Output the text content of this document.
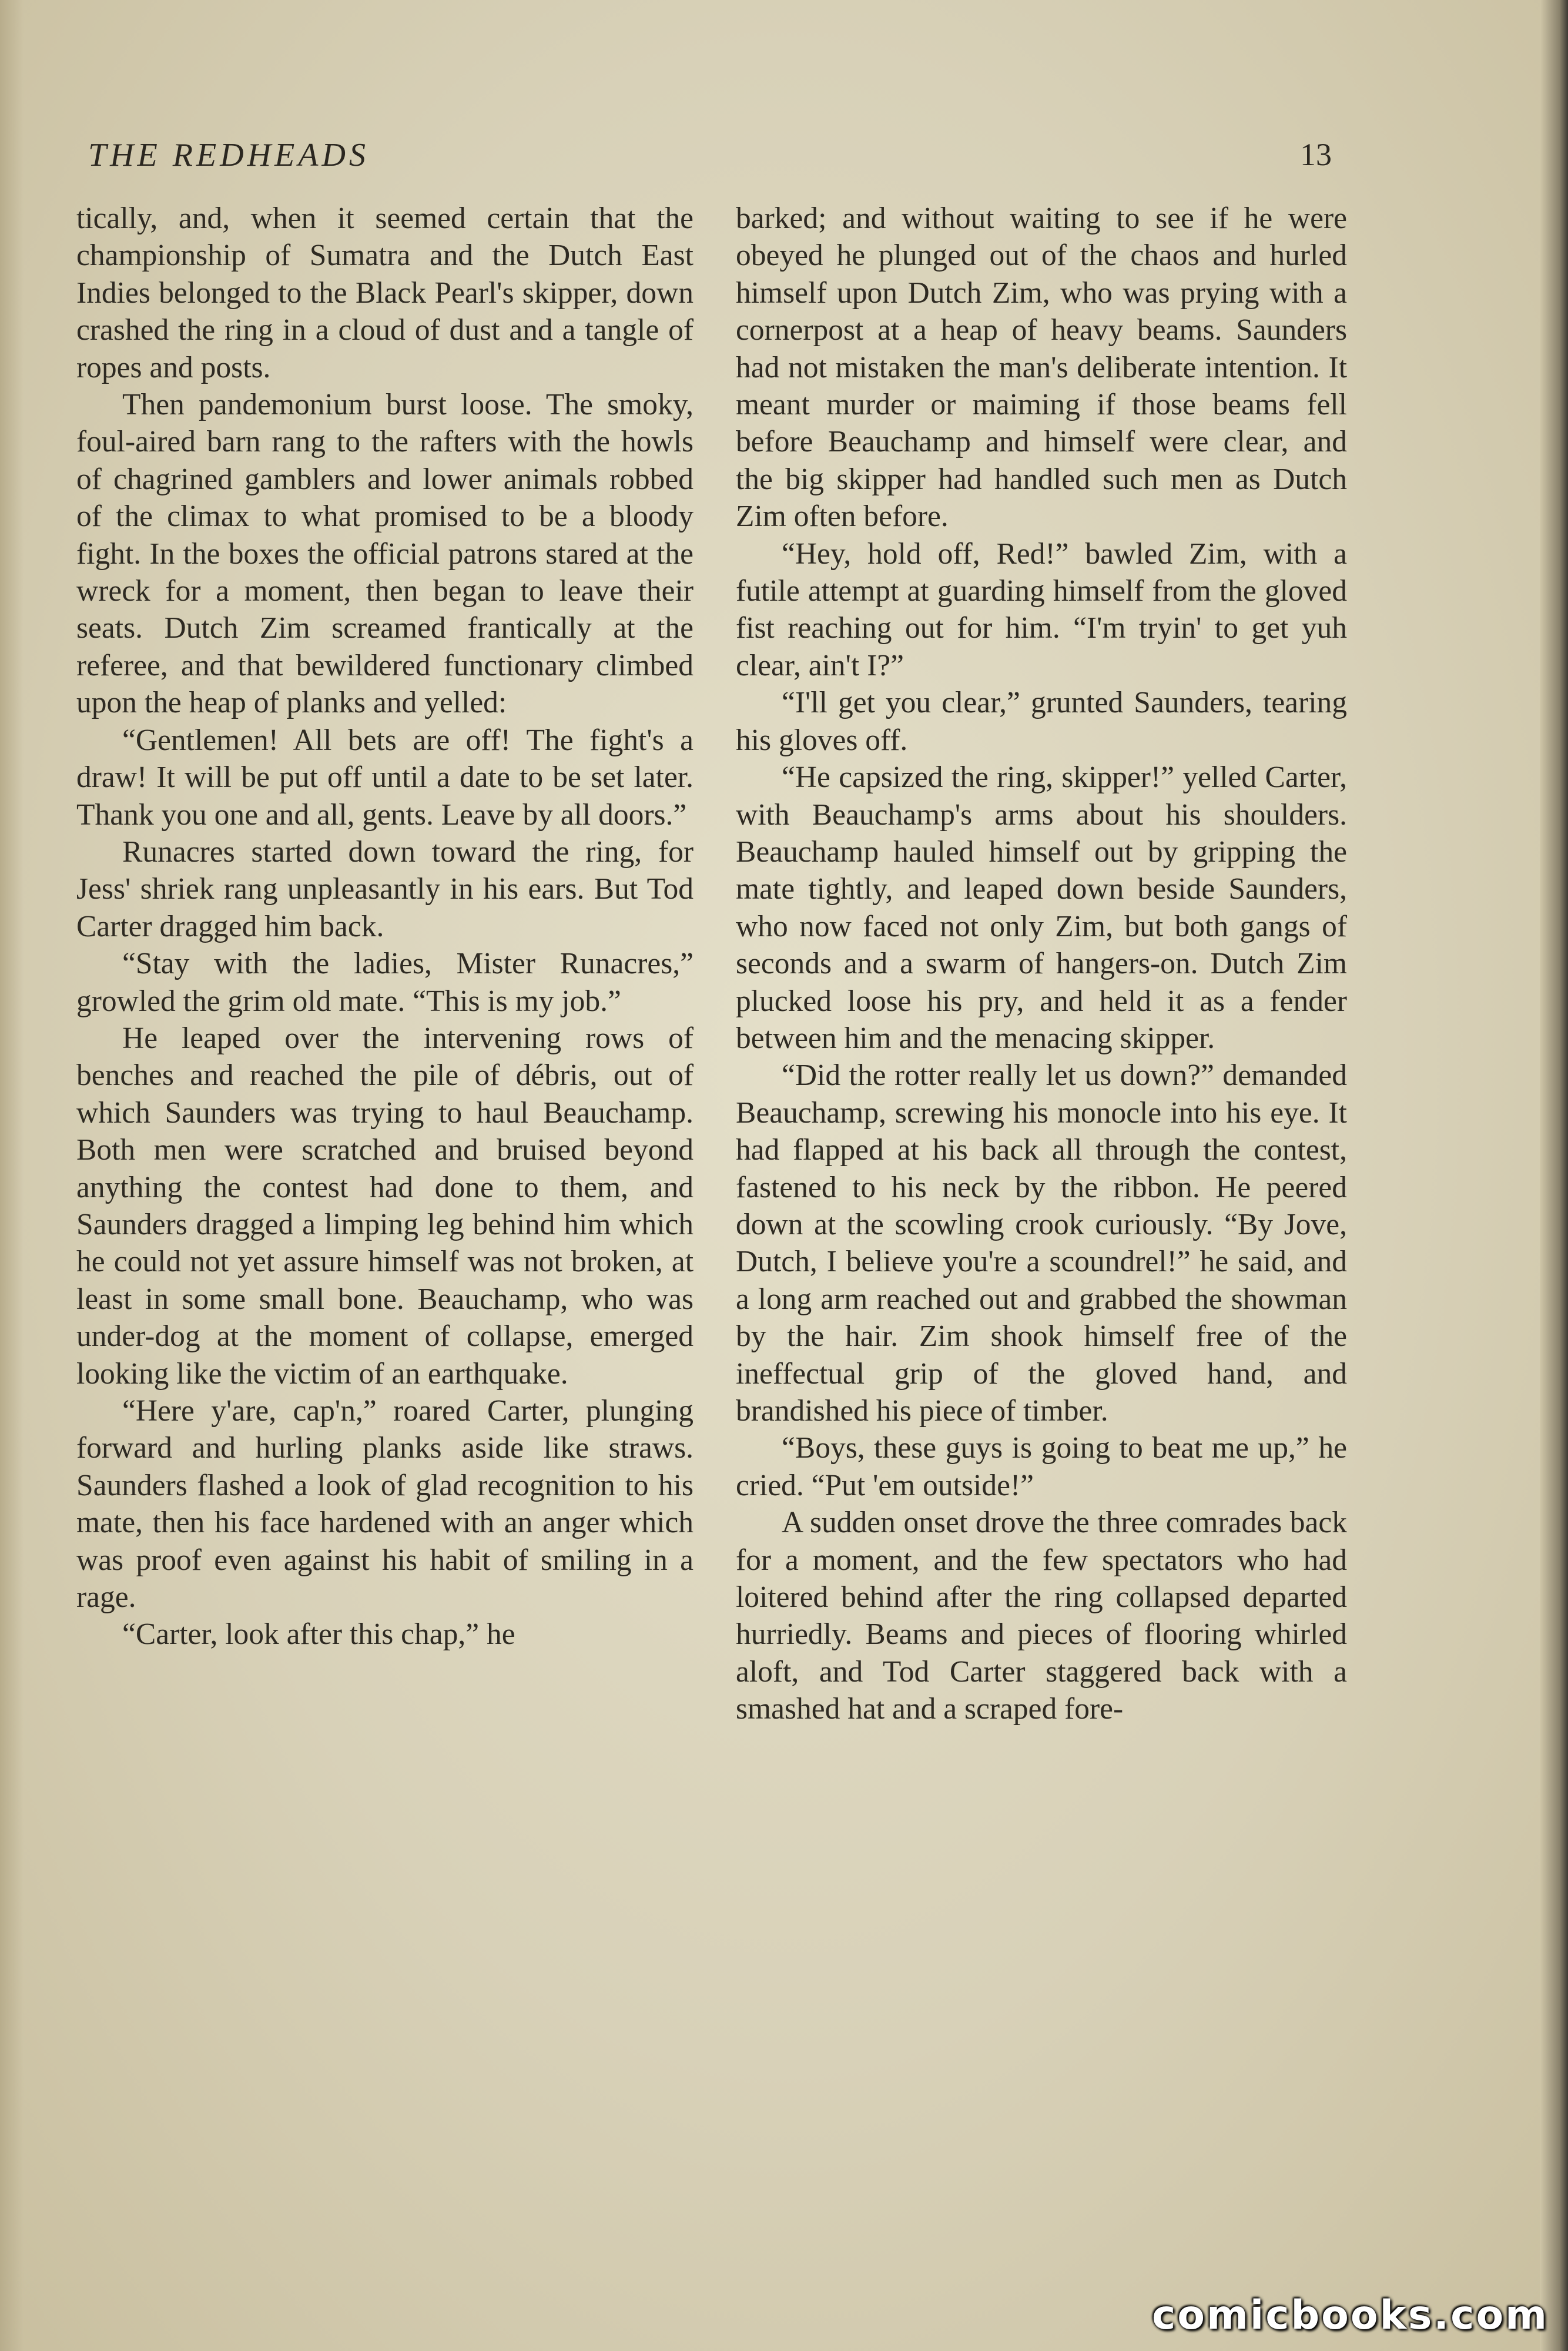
THE REDHEADS	13

tically, and, when it seemed certain that the championship of Sumatra and the Dutch East Indies belonged to the Black Pearl's skipper, down crashed the ring in a cloud of dust and a tangle of ropes and posts.

Then pandemonium burst loose. The smoky, foul-aired barn rang to the rafters with the howls of chagrined gamblers and lower animals robbed of the climax to what promised to be a bloody fight. In the boxes the official patrons stared at the wreck for a moment, then began to leave their seats. Dutch Zim screamed frantically at the referee, and that bewildered functionary climbed upon the heap of planks and yelled:

“Gentlemen! All bets are off! The fight's a draw! It will be put off until a date to be set later. Thank you one and all, gents. Leave by all doors.”

Runacres started down toward the ring, for Jess' shriek rang unpleasantly in his ears. But Tod Carter dragged him back.

“Stay with the ladies, Mister Runacres,” growled the grim old mate. “This is my job.”

He leaped over the intervening rows of benches and reached the pile of débris, out of which Saunders was trying to haul Beauchamp. Both men were scratched and bruised beyond anything the contest had done to them, and Saunders dragged a limping leg behind him which he could not yet assure himself was not broken, at least in some small bone. Beauchamp, who was under-dog at the moment of collapse, emerged looking like the victim of an earthquake.

“Here y'are, cap'n,” roared Carter, plunging forward and hurling planks aside like straws. Saunders flashed a look of glad recognition to his mate, then his face hardened with an anger which was proof even against his habit of smiling in a rage.

“Carter, look after this chap,” he

barked; and without waiting to see if he were obeyed he plunged out of the chaos and hurled himself upon Dutch Zim, who was prying with a cornerpost at a heap of heavy beams. Saunders had not mistaken the man's deliberate intention. It meant murder or maiming if those beams fell before Beauchamp and himself were clear, and the big skipper had handled such men as Dutch Zim often before.

“Hey, hold off, Red!” bawled Zim, with a futile attempt at guarding himself from the gloved fist reaching out for him. “I'm tryin' to get yuh clear, ain't I?”

“I'll get you clear,” grunted Saunders, tearing his gloves off.

“He capsized the ring, skipper!” yelled Carter, with Beauchamp's arms about his shoulders. Beauchamp hauled himself out by gripping the mate tightly, and leaped down beside Saunders, who now faced not only Zim, but both gangs of seconds and a swarm of hangers-on. Dutch Zim plucked loose his pry, and held it as a fender between him and the menacing skipper.

“Did the rotter really let us down?” demanded Beauchamp, screwing his monocle into his eye. It had flapped at his back all through the contest, fastened to his neck by the ribbon. He peered down at the scowling crook curiously. “By Jove, Dutch, I believe you're a scoundrel!” he said, and a long arm reached out and grabbed the showman by the hair. Zim shook himself free of the ineffectual grip of the gloved hand, and brandished his piece of timber.

“Boys, these guys is going to beat me up,” he cried. “Put 'em outside!”

A sudden onset drove the three comrades back for a moment, and the few spectators who had loitered behind after the ring collapsed departed hurriedly. Beams and pieces of flooring whirled aloft, and Tod Carter staggered back with a smashed hat and a scraped fore-

comicbooks.com
